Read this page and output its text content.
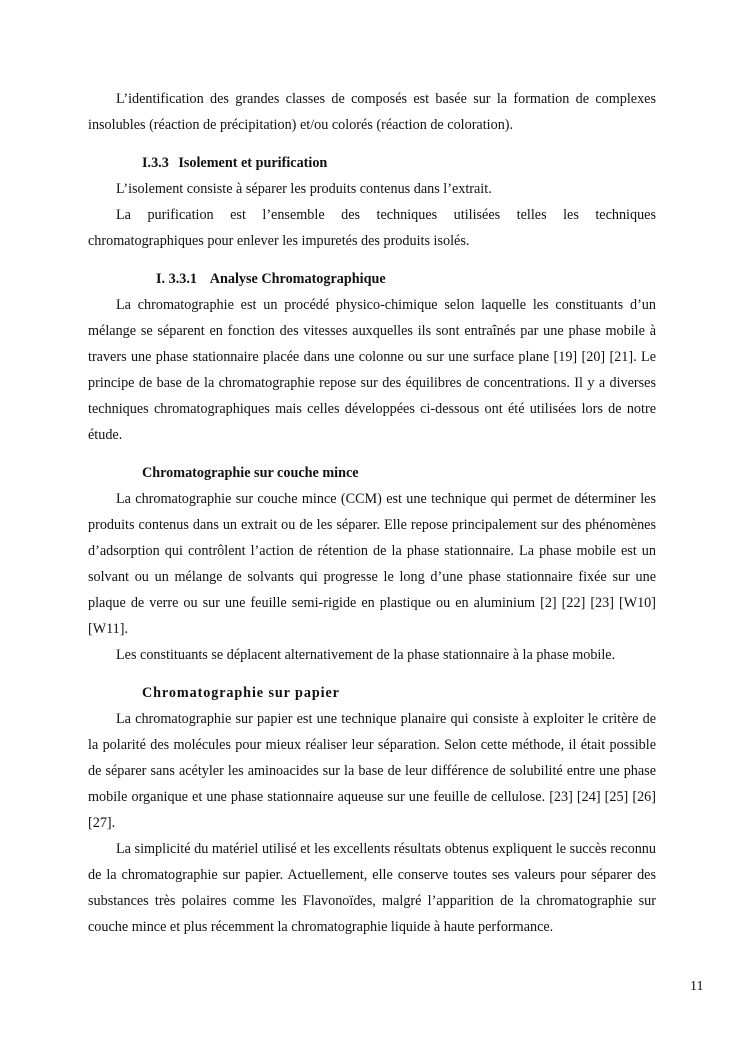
L’identification des grandes classes de composés est basée sur la formation de complexes insolubles (réaction de précipitation) et/ou colorés (réaction de coloration).

I.3.3 Isolement et purification

L’isolement consiste à séparer les produits contenus dans l’extrait.

La purification est l’ensemble des techniques utilisées telles les techniques chromatographiques pour enlever les impuretés des produits isolés.

I. 3.3.1 Analyse Chromatographique

La chromatographie est un procédé physico-chimique selon laquelle les constituants d’un mélange se séparent en fonction des vitesses auxquelles ils sont entraînés par une phase mobile à travers une phase stationnaire placée dans une colonne ou sur une surface plane [19] [20] [21]. Le principe de base de la chromatographie repose sur des équilibres de concentrations. Il y a diverses techniques chromatographiques mais celles développées ci-dessous ont été utilisées lors de notre étude.

Chromatographie sur couche mince

La chromatographie sur couche mince (CCM) est une technique qui permet de déterminer les produits contenus dans un extrait ou de les séparer. Elle repose principalement sur des phénomènes d’adsorption qui contrôlent l’action de rétention de la phase stationnaire. La phase mobile est un solvant ou un mélange de solvants qui progresse le long d’une phase stationnaire fixée sur une plaque de verre ou sur une feuille semi-rigide en plastique ou en aluminium [2] [22] [23] [W10] [W11].

Les constituants se déplacent alternativement de la phase stationnaire à la phase mobile.

Chromatographie sur papier

La chromatographie sur papier est une technique planaire qui consiste à exploiter le critère de la polarité des molécules pour mieux réaliser leur séparation. Selon cette méthode, il était possible de séparer sans acétyler les aminoacides sur la base de leur différence de solubilité entre une phase mobile organique et une phase stationnaire aqueuse sur une feuille de cellulose. [23] [24] [25] [26] [27].

La simplicité du matériel utilisé et les excellents résultats obtenus expliquent le succès reconnu de la chromatographie sur papier. Actuellement, elle conserve toutes ses valeurs pour séparer des substances très polaires comme les Flavonoïdes, malgré l’apparition de la chromatographie sur couche mince et plus récemment la chromatographie liquide à haute performance.

11
